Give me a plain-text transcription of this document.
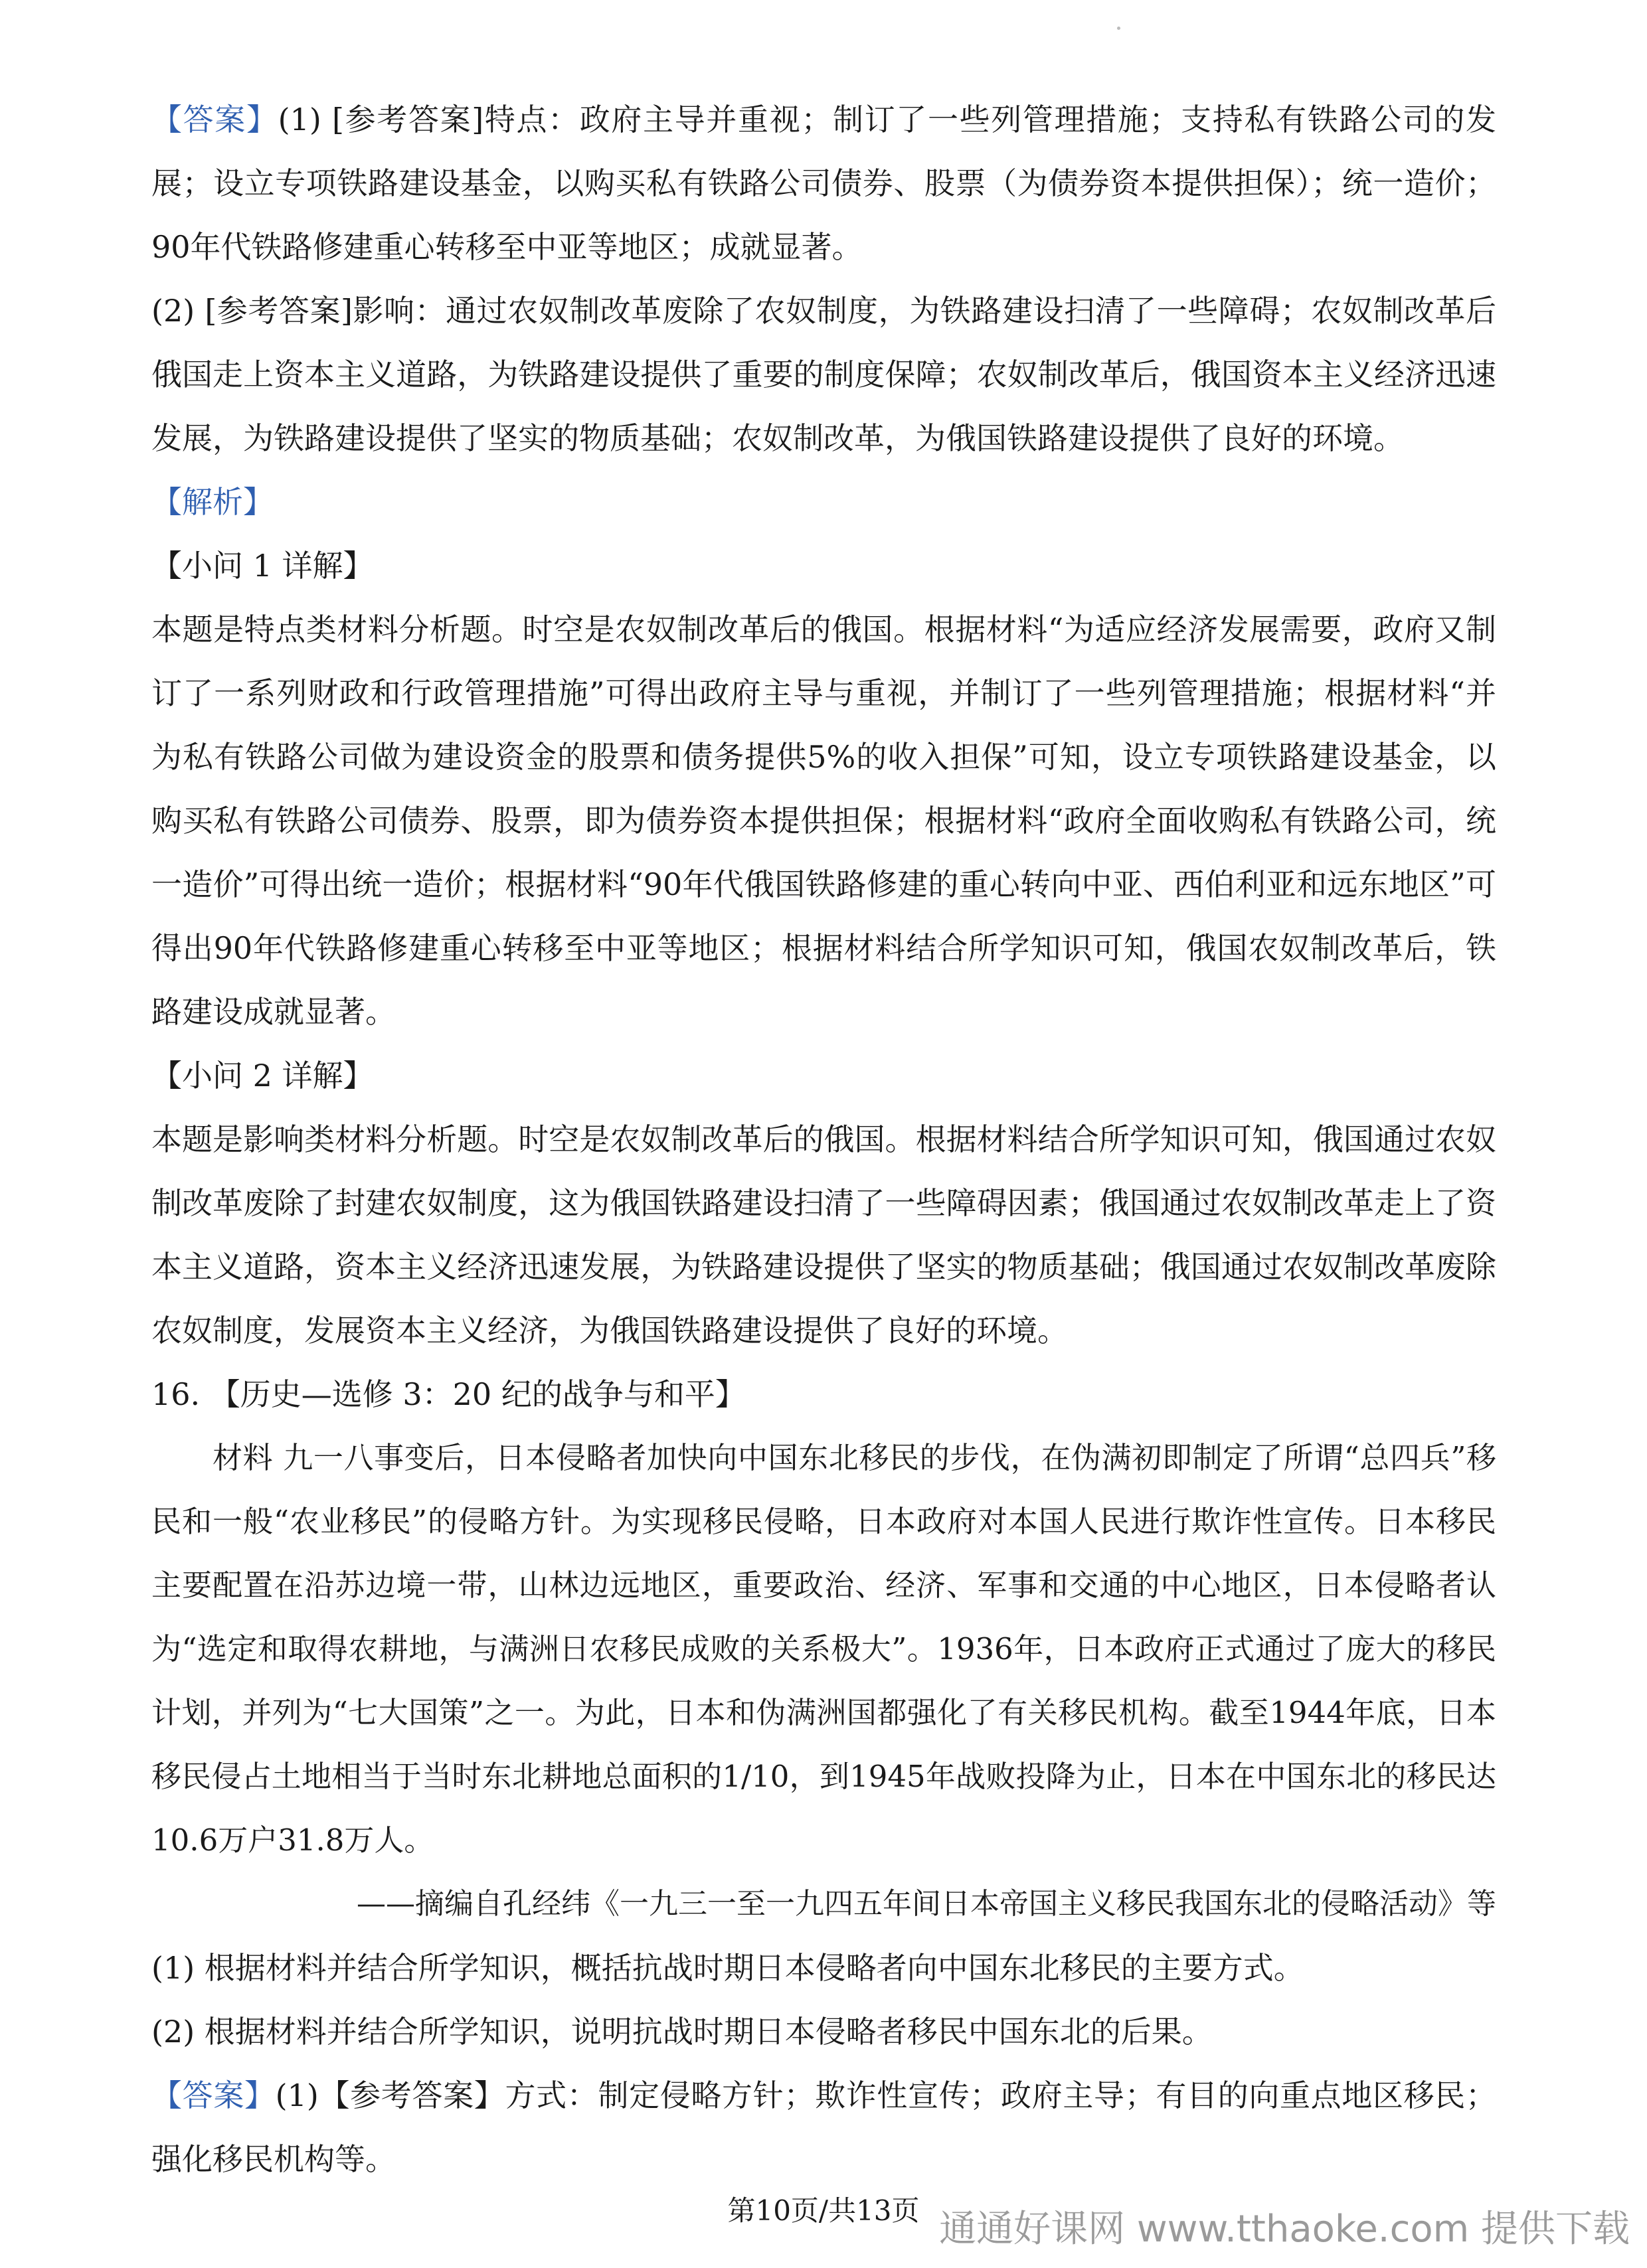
【答案】(1) [参考答案]特点：政府主导并重视；制订了一些列管理措施；支持私有铁路公司的发展；设立专项铁路建设基金，以购买私有铁路公司债券、股票（为债券资本提供担保）；统一造价；90年代铁路修建重心转移至中亚等地区；成就显著。

(2) [参考答案]影响：通过农奴制改革废除了农奴制度，为铁路建设扫清了一些障碍；农奴制改革后俄国走上资本主义道路，为铁路建设提供了重要的制度保障；农奴制改革后，俄国资本主义经济迅速发展，为铁路建设提供了坚实的物质基础；农奴制改革，为俄国铁路建设提供了良好的环境。

【解析】

【小问 1 详解】

本题是特点类材料分析题。时空是农奴制改革后的俄国。根据材料“为适应经济发展需要，政府又制订了一系列财政和行政管理措施”可得出政府主导与重视，并制订了一些列管理措施；根据材料“并为私有铁路公司做为建设资金的股票和债务提供5%的收入担保”可知，设立专项铁路建设基金，以购买私有铁路公司债券、股票，即为债券资本提供担保；根据材料“政府全面收购私有铁路公司，统一造价”可得出统一造价；根据材料“90年代俄国铁路修建的重心转向中亚、西伯利亚和远东地区”可得出90年代铁路修建重心转移至中亚等地区；根据材料结合所学知识可知，俄国农奴制改革后，铁路建设成就显著。

【小问 2 详解】

本题是影响类材料分析题。时空是农奴制改革后的俄国。根据材料结合所学知识可知，俄国通过农奴制改革废除了封建农奴制度，这为俄国铁路建设扫清了一些障碍因素；俄国通过农奴制改革走上了资本主义道路，资本主义经济迅速发展，为铁路建设提供了坚实的物质基础；俄国通过农奴制改革废除农奴制度，发展资本主义经济，为俄国铁路建设提供了良好的环境。

16. 【历史—选修 3：20 纪的战争与和平】

材料 九一八事变后，日本侵略者加快向中国东北移民的步伐，在伪满初即制定了所谓“总四兵”移民和一般“农业移民”的侵略方针。为实现移民侵略，日本政府对本国人民进行欺诈性宣传。日本移民主要配置在沿苏边境一带，山林边远地区，重要政治、经济、军事和交通的中心地区，日本侵略者认为“选定和取得农耕地，与满洲日农移民成败的关系极大”。1936年，日本政府正式通过了庞大的移民计划，并列为“七大国策”之一。为此，日本和伪满洲国都强化了有关移民机构。截至1944年底，日本移民侵占土地相当于当时东北耕地总面积的1/10，到1945年战败投降为止，日本在中国东北的移民达10.6万户31.8万人。

——摘编自孔经纬《一九三一至一九四五年间日本帝国主义移民我国东北的侵略活动》等

(1) 根据材料并结合所学知识，概括抗战时期日本侵略者向中国东北移民的主要方式。

(2) 根据材料并结合所学知识，说明抗战时期日本侵略者移民中国东北的后果。

【答案】(1)【参考答案】方式：制定侵略方针；欺诈性宣传；政府主导；有目的向重点地区移民；强化移民机构等。

第10页/共13页 通通好课网 www.tthaoke.com 提供下载
